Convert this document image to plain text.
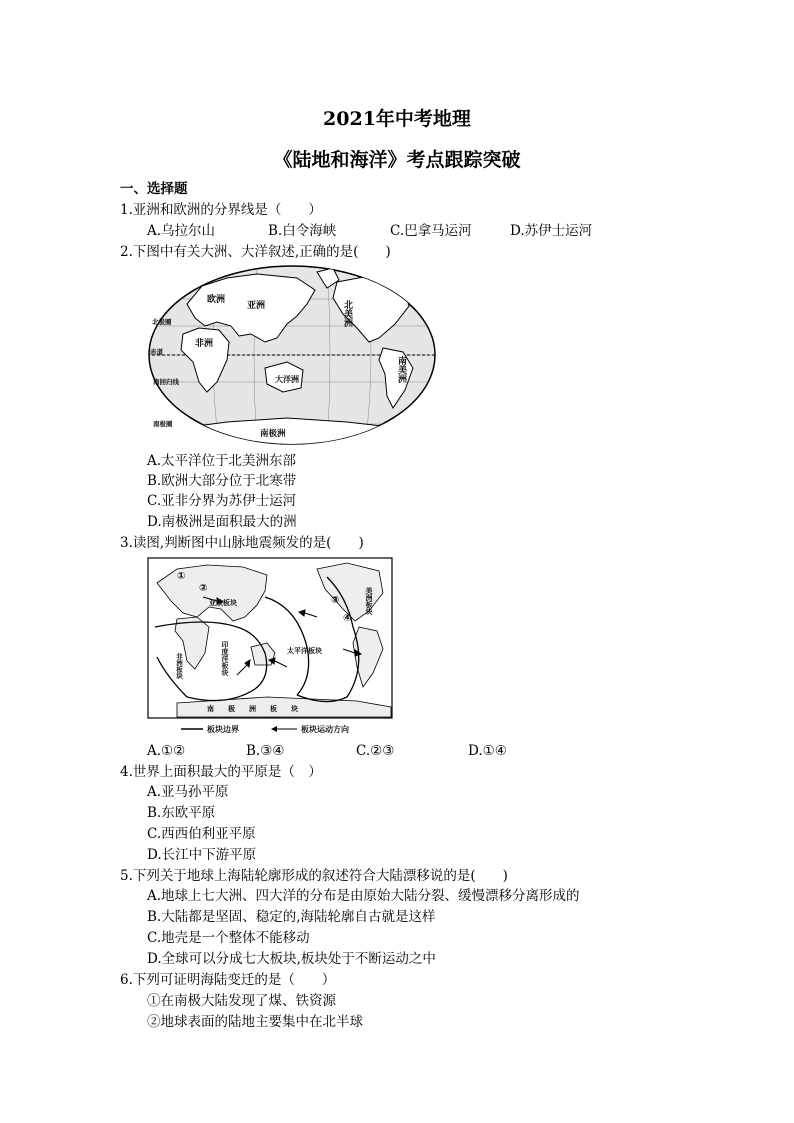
2021年中考地理
《陆地和海洋》考点跟踪突破
一、选择题
1.亚洲和欧洲的分界线是（　　）
A.乌拉尔山	B.白令海峡	C.巴拿马运河	D.苏伊士运河
2.下图中有关大洲、大洋叙述,正确的是(　　)
欧洲
亚洲
非洲
大洋洲
南极洲
北美洲
南美洲
北极圈
赤道
南回归线
南极圈
A.太平洋位于北美洲东部
B.欧洲大部分位于北寒带
C.亚非分界为苏伊士运河
D.南极洲是面积最大的洲
3.读图,判断图中山脉地震频发的是(　　)
亚欧板块
非洲板块	印度洋板块	太平洋板块
美洲板块
南极洲板块
①
②
③
④
板块边界	板块运动方向
A.①②	B.③④	C.②③	D.①④
4.世界上面积最大的平原是（　）
A.亚马孙平原
B.东欧平原
C.西西伯利亚平原
D.长江中下游平原
5.下列关于地球上海陆轮廓形成的叙述符合大陆漂移说的是(　　)
A.地球上七大洲、四大洋的分布是由原始大陆分裂、缓慢漂移分离形成的
B.大陆都是坚固、稳定的,海陆轮廓自古就是这样
C.地壳是一个整体不能移动
D.全球可以分成七大板块,板块处于不断运动之中
6.下列可证明海陆变迁的是（　　）
①在南极大陆发现了煤、铁资源
②地球表面的陆地主要集中在北半球
